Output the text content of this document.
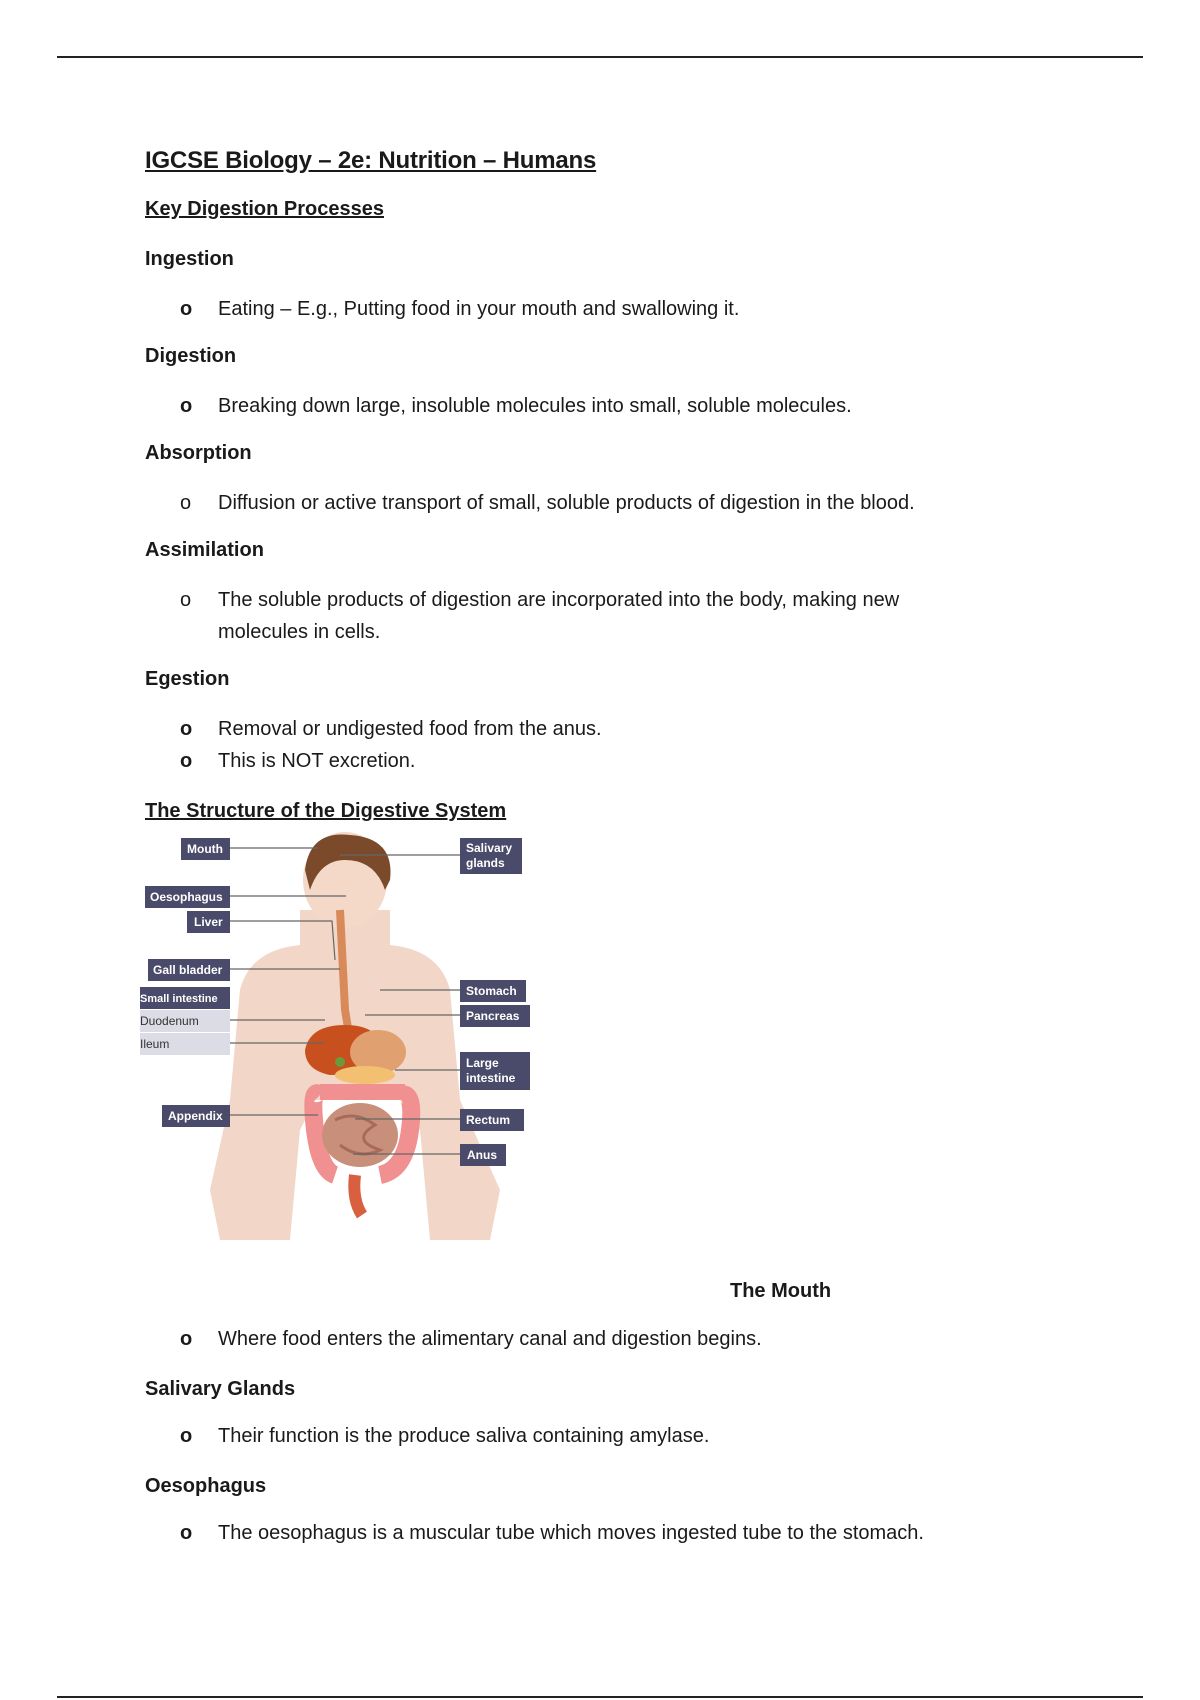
IGCSE Biology – 2e: Nutrition – Humans
Key Digestion Processes
Ingestion
o	Eating – E.g., Putting food in your mouth and swallowing it.
Digestion
o	Breaking down large, insoluble molecules into small, soluble molecules.
Absorption
o	Diffusion or active transport of small, soluble products of digestion in the blood.
Assimilation
o	The soluble products of digestion are incorporated into the body, making new molecules in cells.
Egestion
o	Removal or undigested food from the anus.
o	This is NOT excretion.
The Structure of the Digestive System
Mouth
Oesophagus
Liver
Gall bladder
Small intestine
Duodenum
Ileum
Appendix
Salivary
glands
Stomach
Pancreas
Large
intestine
Rectum
Anus
The Mouth
o	Where food enters the alimentary canal and digestion begins.
Salivary Glands
o	Their function is the produce saliva containing amylase.
Oesophagus
o	The oesophagus is a muscular tube which moves ingested tube to the stomach.
